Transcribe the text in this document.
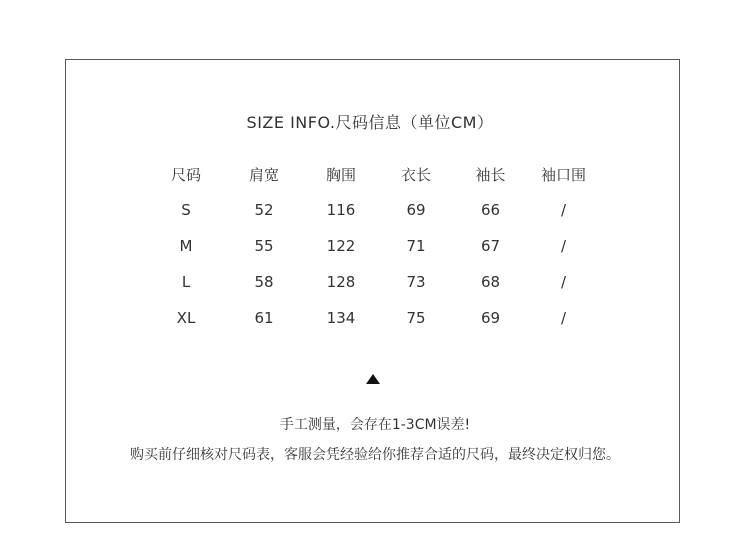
SIZE INFO.尺码信息（单位CM）
尺码	肩宽	胸围	衣长	袖长	袖口围
S	52	116	69	66	/
M	55	122	71	67	/
L	58	128	73	68	/
XL	61	134	75	69	/
手工测量，会存在1-3CM误差!
购买前仔细核对尺码表，客服会凭经验给你推荐合适的尺码，最终决定权归您。
